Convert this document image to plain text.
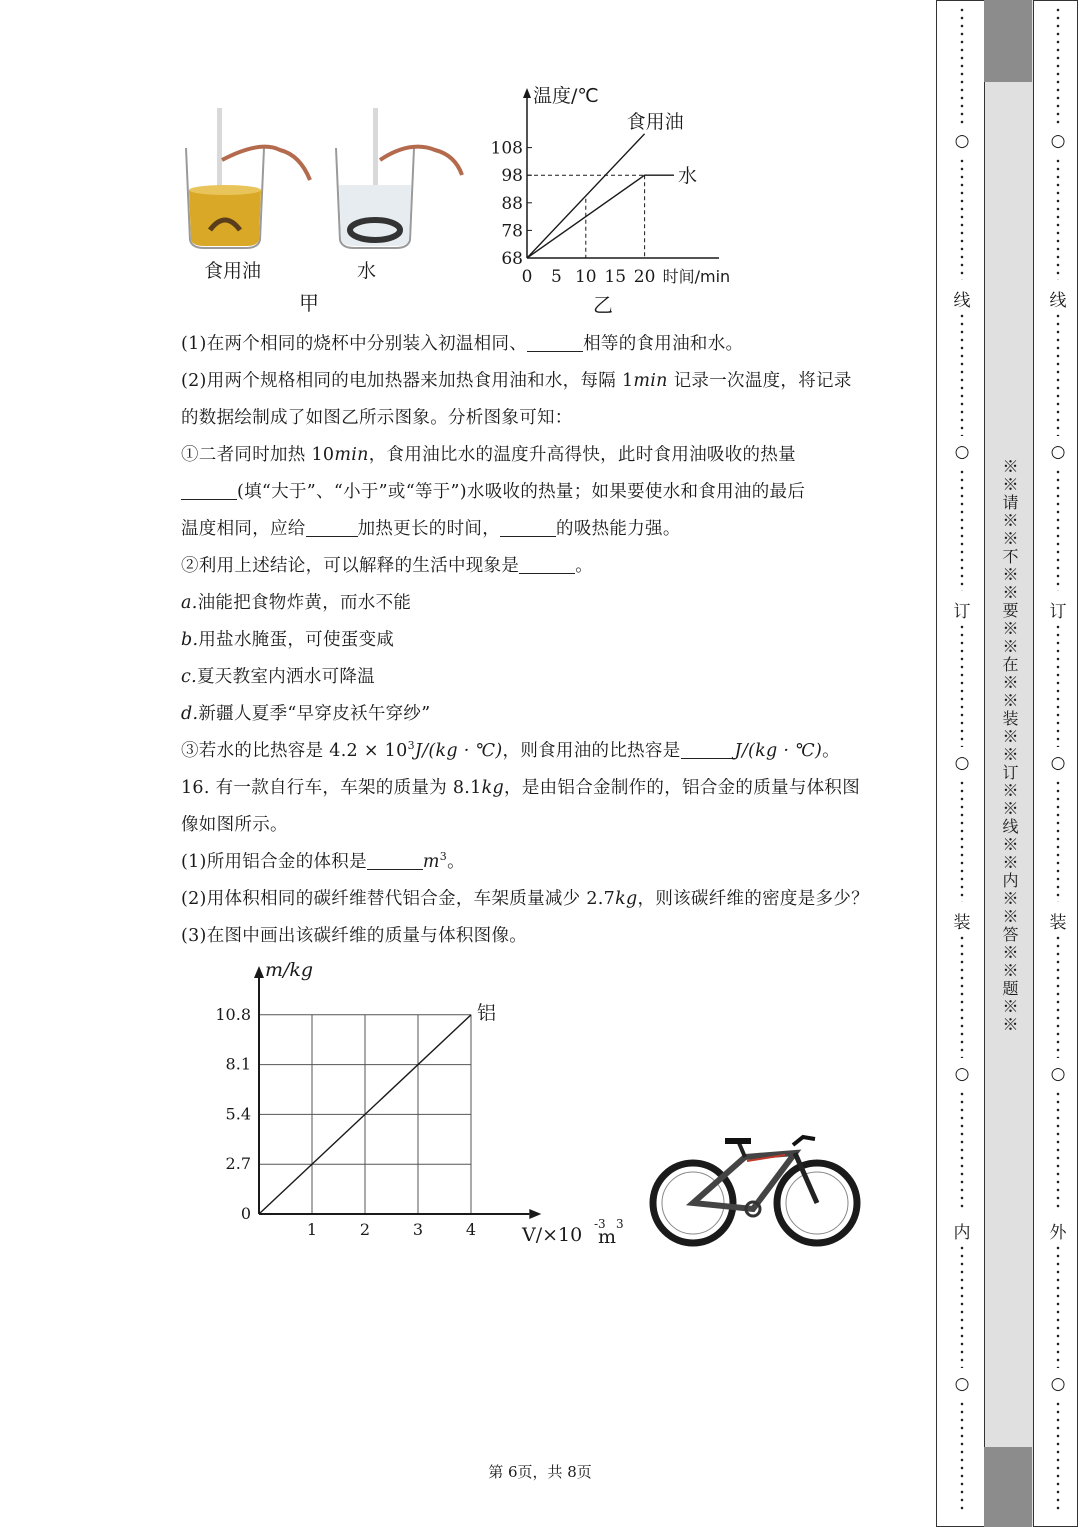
食用油	水
甲
温度/℃
68
78
88
98
108
0 5 10 15 20 时间/min
食用油
水
乙
(1)在两个相同的烧杯中分别装入初温相同、	相等的食用油和水。
(2)用两个规格相同的电加热器来加热食用油和水，每隔 1min 记录一次温度，将记录
的数据绘制成了如图乙所示图象。分析图象可知：
①二者同时加热 10min，食用油比水的温度升高得快，此时食用油吸收的热量
(填“大于”、“小于”或“等于”)水吸收的热量；如果要使水和食用油的最后
温度相同，应给	加热更长的时间，	的吸热能力强。
②利用上述结论，可以解释的生活中现象是	。
a.油能把食物炸黄，而水不能
b.用盐水腌蛋，可使蛋变咸
c.夏天教室内洒水可降温
d.新疆人夏季“早穿皮袄午穿纱”
③若水的比热容是 $4.2 \times 10^3J/(kg$ · ℃)，则食用油的比热容是	J/(kg · ℃)。
16. 有一款自行车，车架的质量为 8.1kg，是由铝合金制作的，铝合金的质量与体积图
像如图所示。
(1)所用铝合金的体积是	$m^3$。
(2)用体积相同的碳纤维替代铝合金，车架质量减少 2.7kg，则该碳纤维的密度是多少？
(3)在图中画出该碳纤维的质量与体积图像。
m/kg
0
2.7
5.4
8.1
10.8
1	2	3	4 V/×10 -3
m
3
铝
第 6页，共 8页
※※请※※不※※要※※在※※装※※订※※线※※内※※答※※题※※
○
线
○
订
○
装
○
内
○
○
线
○
订
○
装
○
外
○
